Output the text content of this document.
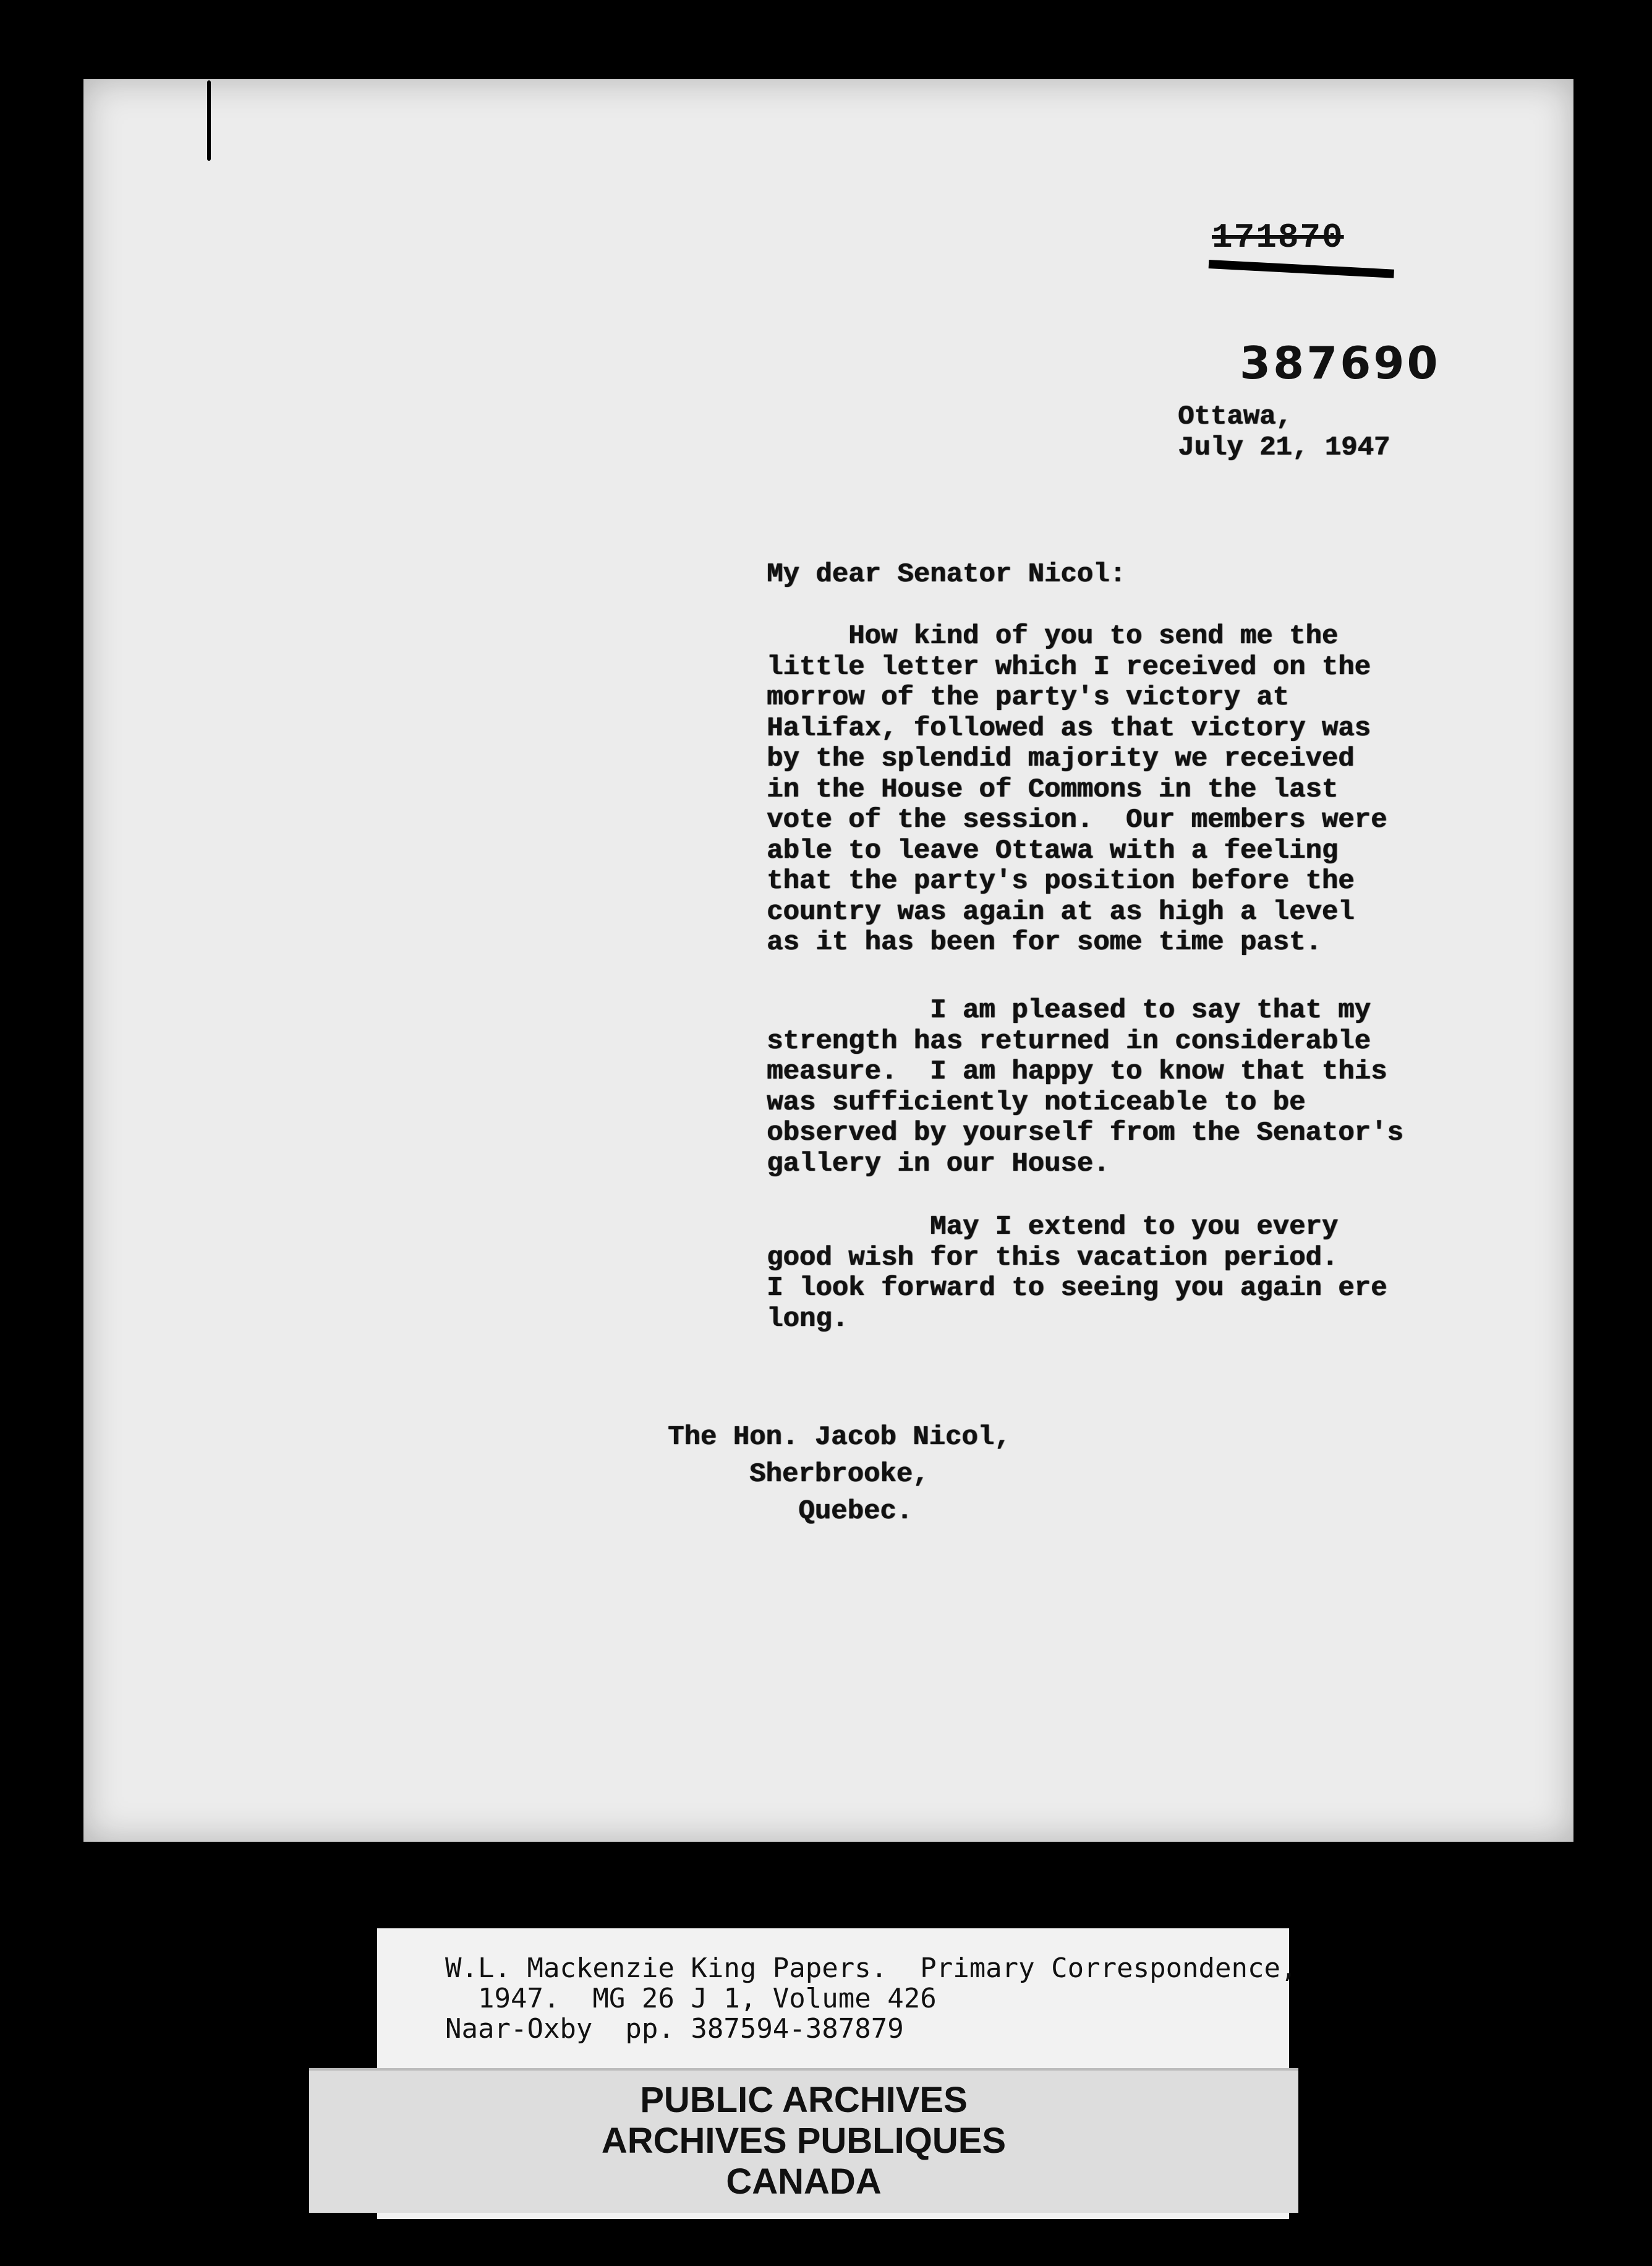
171870
387690
Ottawa,
July 21, 1947
My dear Senator Nicol:
How kind of you to send me the
little letter which I received on the
morrow of the party's victory at
Halifax, followed as that victory was
by the splendid majority we received
in the House of Commons in the last
vote of the session.  Our members were
able to leave Ottawa with a feeling
that the party's position before the
country was again at as high a level
as it has been for some time past.
I am pleased to say that my
strength has returned in considerable
measure.  I am happy to know that this
was sufficiently noticeable to be
observed by yourself from the Senator's
gallery in our House.
May I extend to you every
good wish for this vacation period.
I look forward to seeing you again ere
long.
The Hon. Jacob Nicol,
Sherbrooke,
Quebec.
W.L. Mackenzie King Papers.  Primary Correspondence,
1947.  MG 26 J 1, Volume 426
Naar-Oxby  pp. 387594-387879
PUBLIC ARCHIVES
ARCHIVES PUBLIQUES
CANADA
